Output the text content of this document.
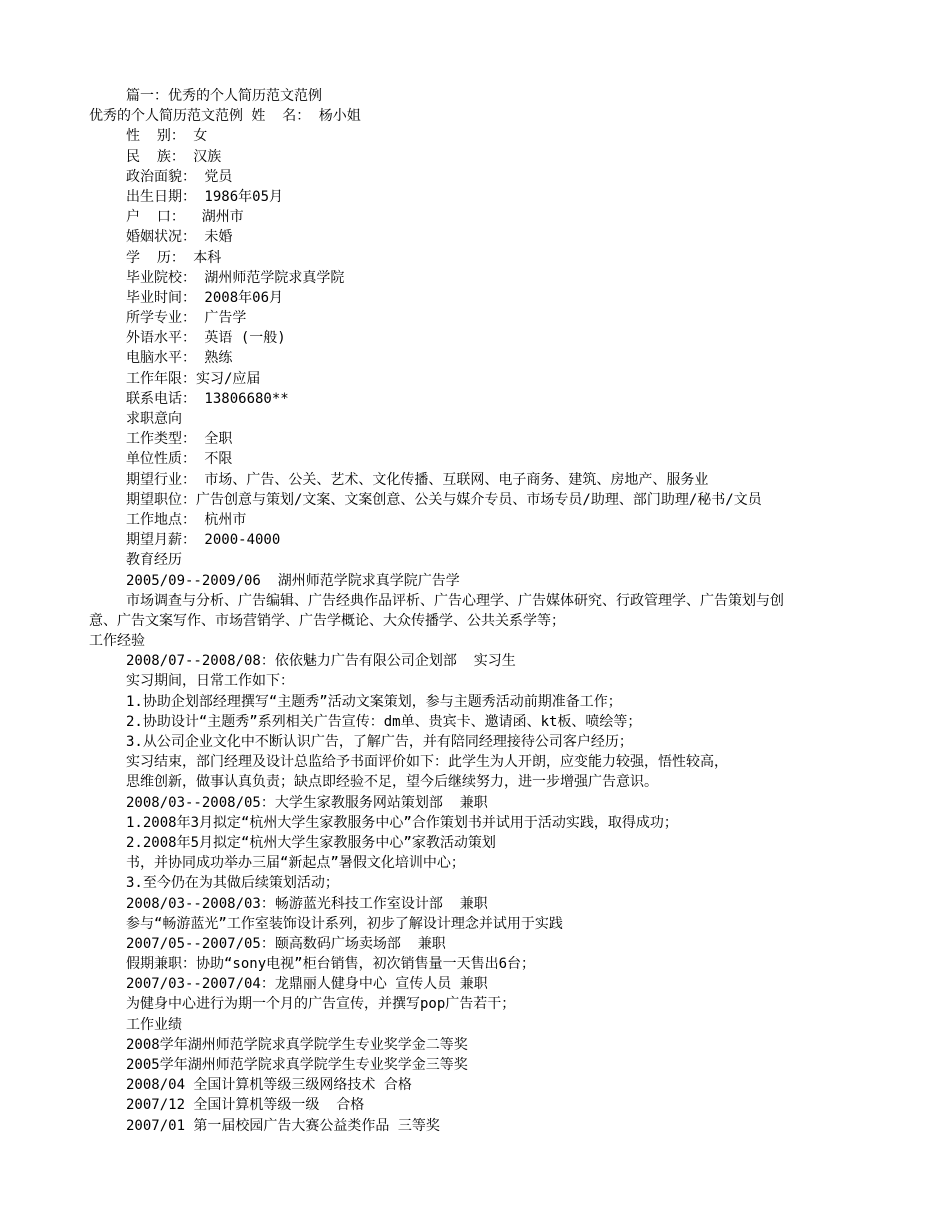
篇一：优秀的个人简历范文范例
优秀的个人简历范文范例 姓  名： 杨小姐
性  别： 女
民  族： 汉族
政治面貌： 党员
出生日期： 1986年05月
户  口：  湖州市
婚姻状况： 未婚
学  历： 本科
毕业院校： 湖州师范学院求真学院
毕业时间： 2008年06月
所学专业： 广告学
外语水平： 英语 (一般)
电脑水平： 熟练
工作年限：实习/应届
联系电话： 13806680**
求职意向
工作类型： 全职
单位性质： 不限
期望行业： 市场、广告、公关、艺术、文化传播、互联网、电子商务、建筑、房地产、服务业
期望职位：广告创意与策划/文案、文案创意、公关与媒介专员、市场专员/助理、部门助理/秘书/文员
工作地点： 杭州市
期望月薪： 2000-4000
教育经历
2005/09--2009/06  湖州师范学院求真学院广告学
市场调查与分析、广告编辑、广告经典作品评析、广告心理学、广告媒体研究、行政管理学、广告策划与创
意、广告文案写作、市场营销学、广告学概论、大众传播学、公共关系学等；
工作经验
2008/07--2008/08：依依魅力广告有限公司企划部  实习生
实习期间，日常工作如下：
1.协助企划部经理撰写“主题秀”活动文案策划，参与主题秀活动前期准备工作；
2.协助设计“主题秀”系列相关广告宣传：dm单、贵宾卡、邀请函、kt板、喷绘等；
3.从公司企业文化中不断认识广告，了解广告，并有陪同经理接待公司客户经历；
实习结束，部门经理及设计总监给予书面评价如下：此学生为人开朗，应变能力较强，悟性较高，
思维创新，做事认真负责；缺点即经验不足，望今后继续努力，进一步增强广告意识。
2008/03--2008/05：大学生家教服务网站策划部  兼职
1.2008年3月拟定“杭州大学生家教服务中心”合作策划书并试用于活动实践，取得成功；
2.2008年5月拟定“杭州大学生家教服务中心”家教活动策划
书，并协同成功举办三届“新起点”暑假文化培训中心；
3.至今仍在为其做后续策划活动；
2008/03--2008/03：畅游蓝光科技工作室设计部  兼职
参与“畅游蓝光”工作室装饰设计系列，初步了解设计理念并试用于实践
2007/05--2007/05：颐高数码广场卖场部  兼职
假期兼职：协助“sony电视”柜台销售，初次销售量一天售出6台；
2007/03--2007/04：龙鼎丽人健身中心 宣传人员 兼职
为健身中心进行为期一个月的广告宣传，并撰写pop广告若干；
工作业绩
2008学年湖州师范学院求真学院学生专业奖学金二等奖
2005学年湖州师范学院求真学院学生专业奖学金三等奖
2008/04 全国计算机等级三级网络技术 合格
2007/12 全国计算机等级一级  合格
2007/01 第一届校园广告大赛公益类作品 三等奖
